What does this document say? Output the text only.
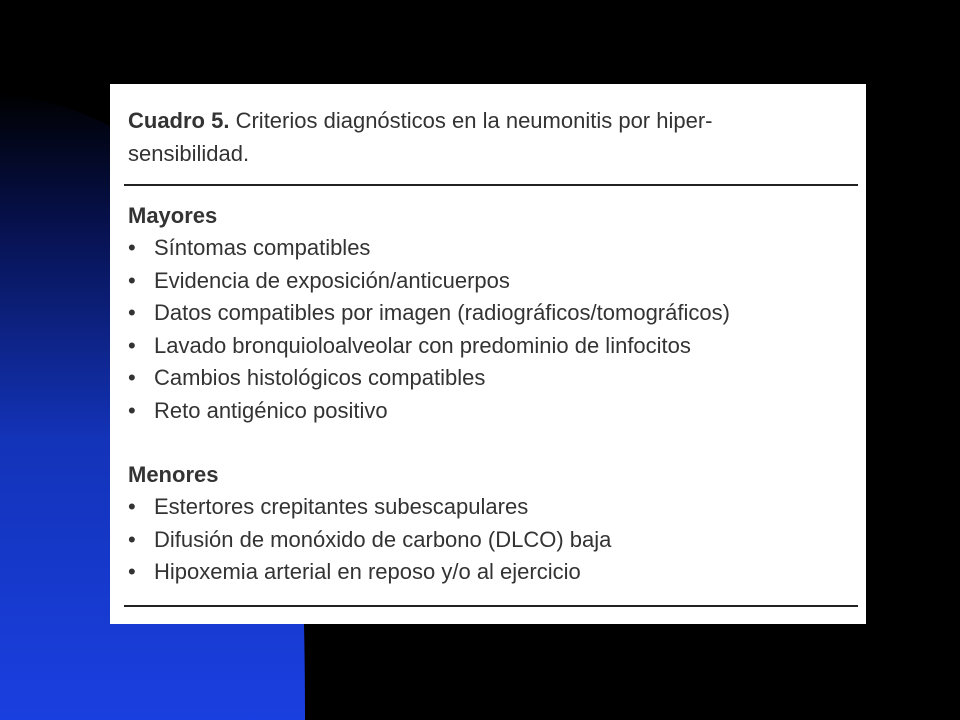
Cuadro 5. Criterios diagnósticos en la neumonitis por hiper-
sensibilidad.

Mayores
• Síntomas compatibles
• Evidencia de exposición/anticuerpos
• Datos compatibles por imagen (radiográficos/tomográficos)
• Lavado bronquioloalveolar con predominio de linfocitos
• Cambios histológicos compatibles
• Reto antigénico positivo
Menores
• Estertores crepitantes subescapulares
• Difusión de monóxido de carbono (DLCO) baja
• Hipoxemia arterial en reposo y/o al ejercicio
